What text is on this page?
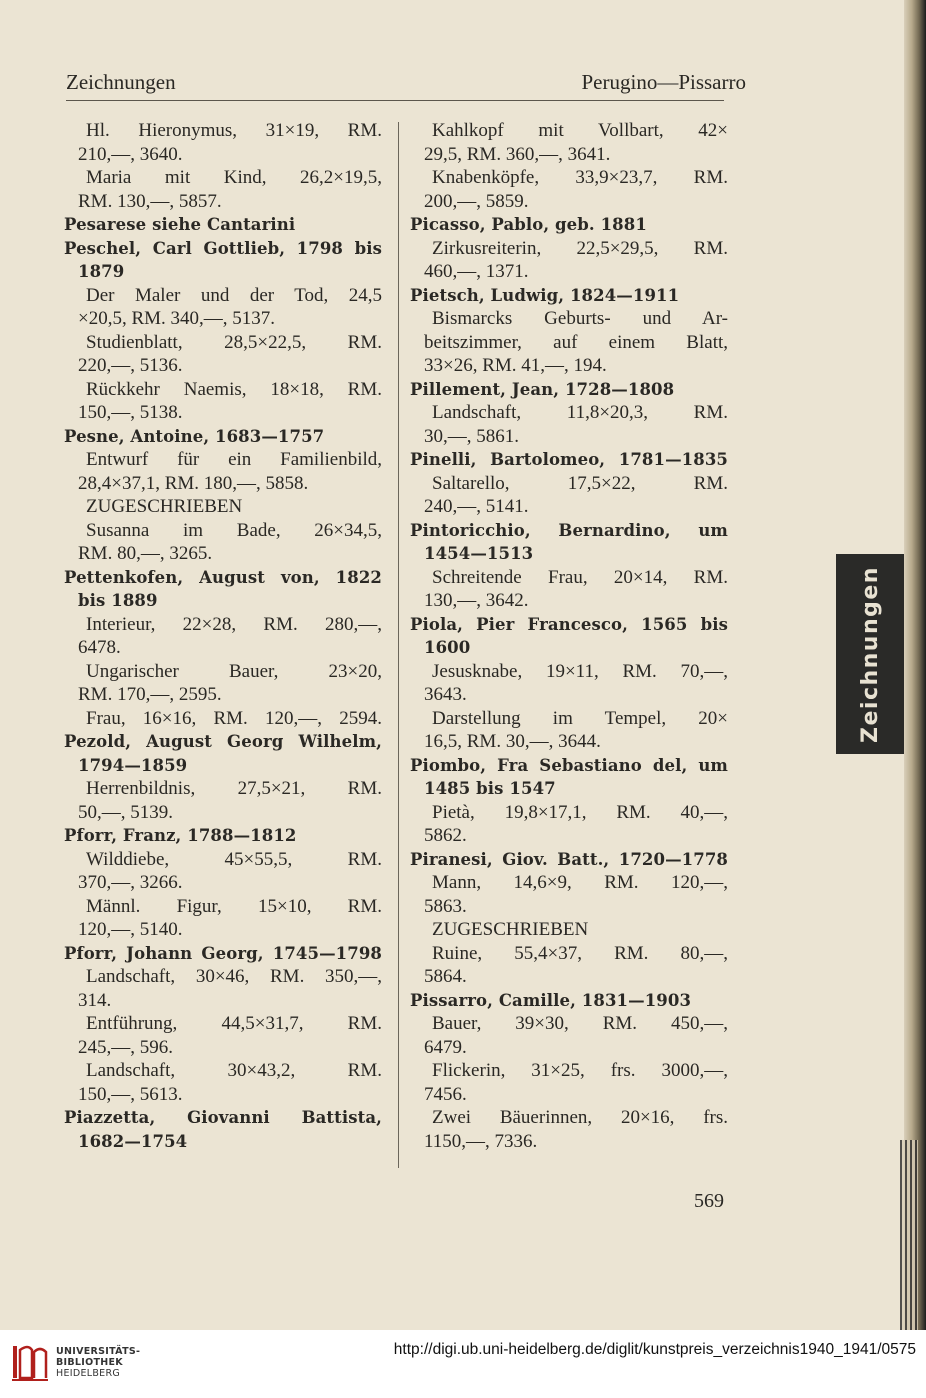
Zeichnungen	Perugino—Pissarro
Hl. Hieronymus, 31×19, RM.
210,—, 3640.
Maria mit Kind, 26,2×19,5,
RM. 130,—, 5857.
Pesarese siehe Cantarini
Peschel, Carl Gottlieb, 1798 bis
1879
Der Maler und der Tod, 24,5
×20,5, RM. 340,—, 5137.
Studienblatt, 28,5×22,5, RM.
220,—, 5136.
Rückkehr Naemis, 18×18, RM.
150,—, 5138.
Pesne, Antoine, 1683—1757
Entwurf für ein Familienbild,
28,4×37,1, RM. 180,—, 5858.
ZUGESCHRIEBEN
Susanna im Bade, 26×34,5,
RM. 80,—, 3265.
Pettenkofen, August von, 1822
bis 1889
Interieur, 22×28, RM. 280,—,
6478.
Ungarischer Bauer, 23×20,
RM. 170,—, 2595.
Frau, 16×16, RM. 120,—, 2594.
Pezold, August Georg Wilhelm,
1794—1859
Herrenbildnis, 27,5×21, RM.
50,—, 5139.
Pforr, Franz, 1788—1812
Wilddiebe, 45×55,5, RM.
370,—, 3266.
Männl. Figur, 15×10, RM.
120,—, 5140.
Pforr, Johann Georg, 1745—1798
Landschaft, 30×46, RM. 350,—,
314.
Entführung, 44,5×31,7, RM.
245,—, 596.
Landschaft, 30×43,2, RM.
150,—, 5613.
Piazzetta, Giovanni Battista,
1682—1754
Kahlkopf mit Vollbart, 42×
29,5, RM. 360,—, 3641.
Knabenköpfe, 33,9×23,7, RM.
200,—, 5859.
Picasso, Pablo, geb. 1881
Zirkusreiterin, 22,5×29,5, RM.
460,—, 1371.
Pietsch, Ludwig, 1824—1911
Bismarcks Geburts- und Ar-
beitszimmer, auf einem Blatt,
33×26, RM. 41,—, 194.
Pillement, Jean, 1728—1808
Landschaft, 11,8×20,3, RM.
30,—, 5861.
Pinelli, Bartolomeo, 1781—1835
Saltarello, 17,5×22, RM.
240,—, 5141.
Pintoricchio, Bernardino, um
1454—1513
Schreitende Frau, 20×14, RM.
130,—, 3642.
Piola, Pier Francesco, 1565 bis
1600
Jesusknabe, 19×11, RM. 70,—,
3643.
Darstellung im Tempel, 20×
16,5, RM. 30,—, 3644.
Piombo, Fra Sebastiano del, um
1485 bis 1547
Pietà, 19,8×17,1, RM. 40,—,
5862.
Piranesi, Giov. Batt., 1720—1778
Mann, 14,6×9, RM. 120,—,
5863.
ZUGESCHRIEBEN
Ruine, 55,4×37, RM. 80,—,
5864.
Pissarro, Camille, 1831—1903
Bauer, 39×30, RM. 450,—,
6479.
Flickerin, 31×25, frs. 3000,—,
7456.
Zwei Bäuerinnen, 20×16, frs.
1150,—, 7336.
Zeichnungen
569
UNIVERSITÄTS-
BIBLIOTHEK
HEIDELBERG
http://digi.ub.uni-heidelberg.de/diglit/kunstpreis_verzeichnis1940_1941/0575
